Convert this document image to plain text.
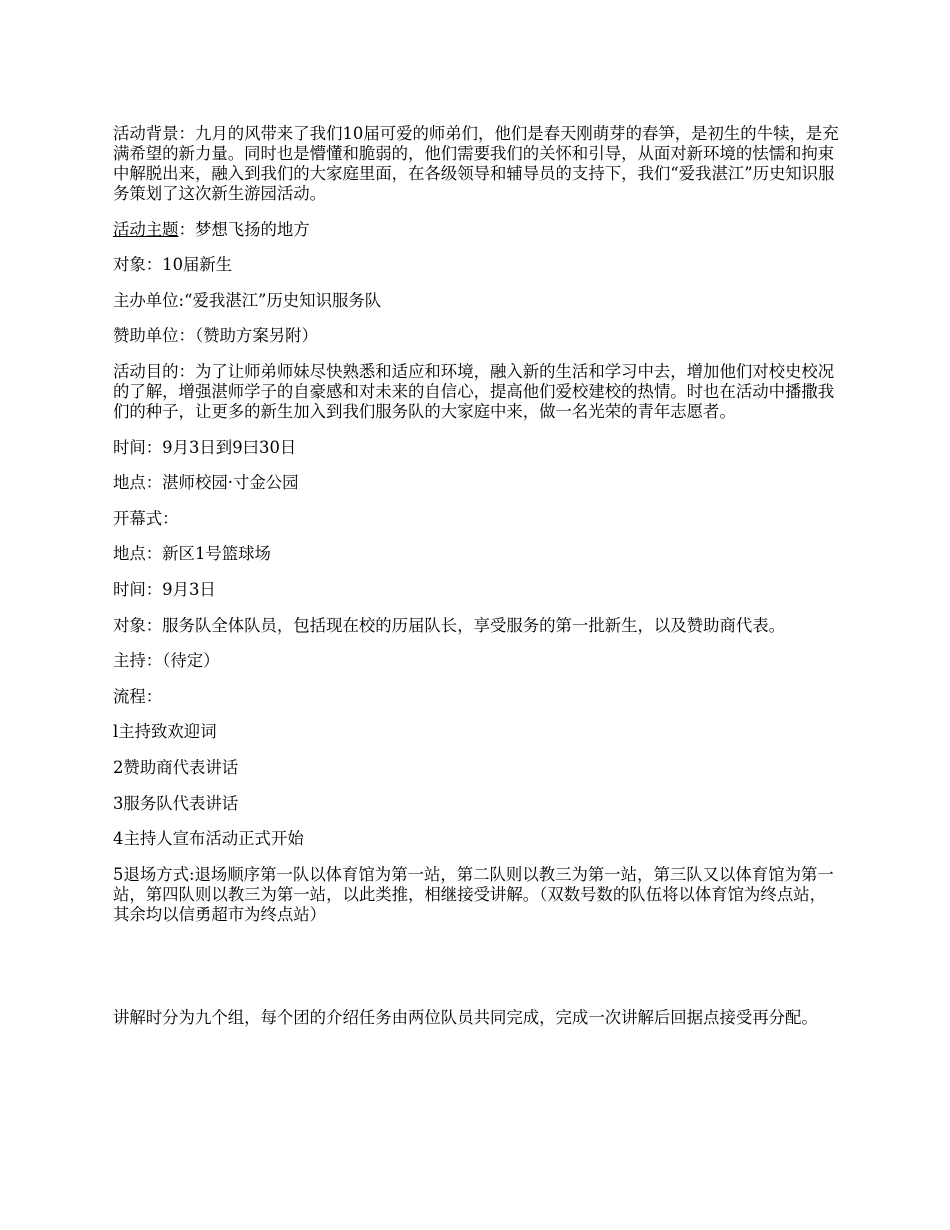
活动背景：九月的风带来了我们10届可爱的师弟们，他们是春天刚萌芽的春笋，是初生的牛犊，是充满希望的新力量。同时也是懵懂和脆弱的，他们需要我们的关怀和引导，从面对新环境的怯懦和拘束中解脱出来，融入到我们的大家庭里面，在各级领导和辅导员的支持下，我们“爱我湛江”历史知识服务策划了这次新生游园活动。

活动主题：梦想飞扬的地方

对象：10届新生

主办单位:“爱我湛江”历史知识服务队

赞助单位：（赞助方案另附）

活动目的：为了让师弟师妹尽快熟悉和适应和环境，融入新的生活和学习中去，增加他们对校史校况的了解，增强湛师学子的自豪感和对未来的自信心，提高他们爱校建校的热情。时也在活动中播撒我们的种子，让更多的新生加入到我们服务队的大家庭中来，做一名光荣的青年志愿者。

时间：9月3日到9曰30日

地点：湛师校园·寸金公园

开幕式：

地点：新区1号篮球场

时间：9月3日

对象：服务队全体队员，包括现在校的历届队长，享受服务的第一批新生，以及赞助商代表。

主持：（待定）

流程：

l主持致欢迎词

2赞助商代表讲话

3服务队代表讲话

4主持人宣布活动正式开始

5退场方式:退场顺序第一队以体育馆为第一站，第二队则以教三为第一站，第三队又以体育馆为第一站，第四队则以教三为第一站，以此类推，相继接受讲解。（双数号数的队伍将以体育馆为终点站，其余均以信勇超市为终点站）

讲解时分为九个组，每个团的介绍任务由两位队员共同完成，完成一次讲解后回据点接受再分配。
